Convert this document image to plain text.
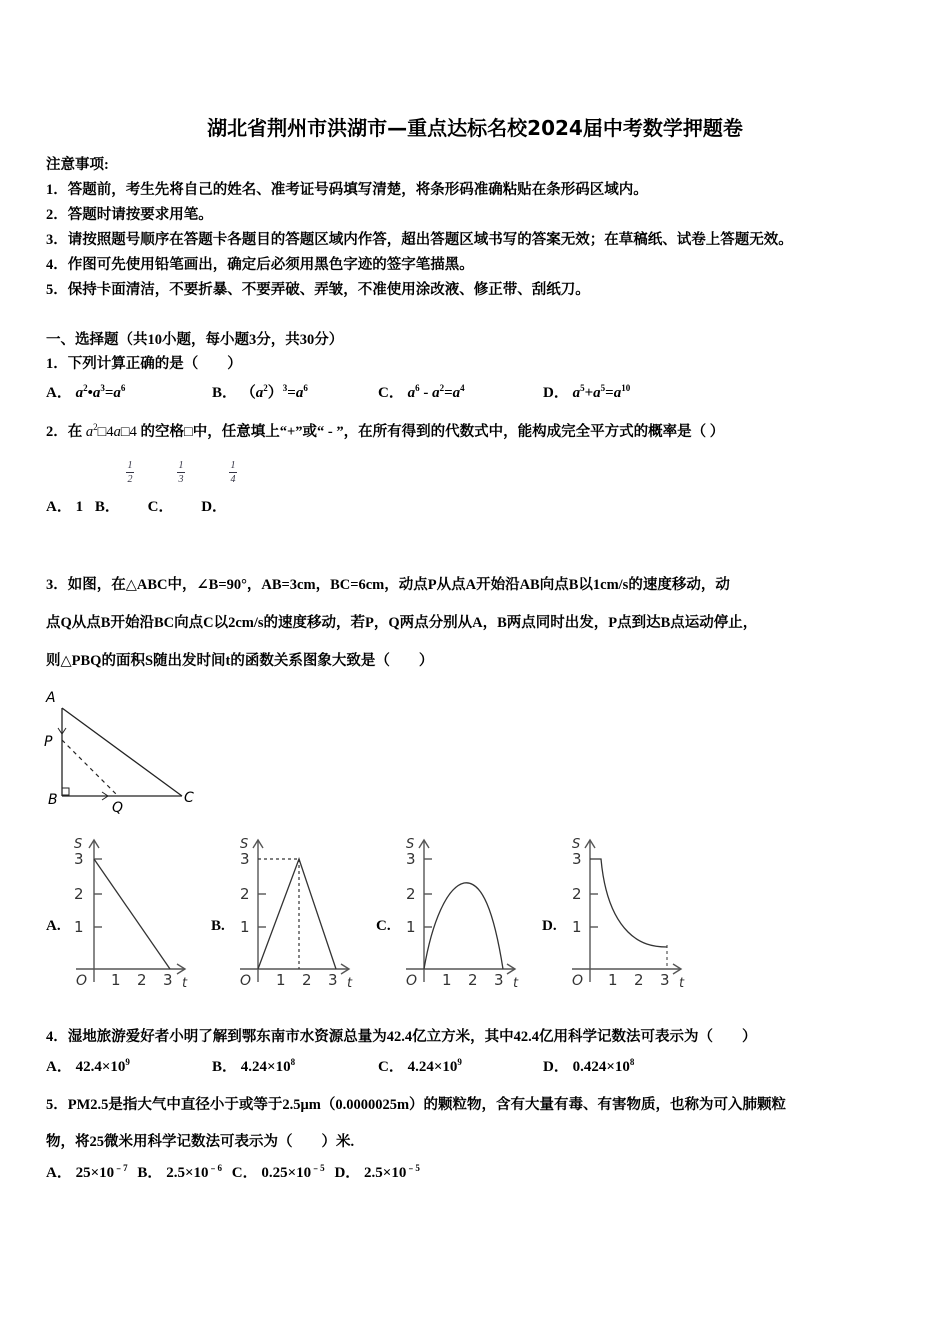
湖北省荆州市洪湖市—重点达标名校2024届中考数学押题卷
注意事项:
1．答题前，考生先将自己的姓名、准考证号码填写清楚，将条形码准确粘贴在条形码区域内。
2．答题时请按要求用笔。
3．请按照题号顺序在答题卡各题目的答题区域内作答，超出答题区域书写的答案无效；在草稿纸、试卷上答题无效。
4．作图可先使用铅笔画出，确定后必须用黑色字迹的签字笔描黑。
5．保持卡面清洁，不要折暴、不要弄破、弄皱，不准使用涂改液、修正带、刮纸刀。
一、选择题（共10小题，每小题3分，共30分）
1．下列计算正确的是（　　）
A． $a^2•a^3=a^6$	B． $(a^2)^3=a^6$	C． $a^6 - a^2=a^4$	D． $a^5+a^5=a^{10}$
2．在 $a^2□4a□4$ 的空格□中，任意填上“+”或“ - ”，在所有得到的代数式中，能构成完全平方式的概率是（ ）
1
2
1
3
1
4
A． 1 B． C． D．
3．如图，在△ABC中，∠B=90°，AB=3cm，BC=6cm，动点P从点A开始沿AB向点B以1cm/s的速度移动，动
点Q从点B开始沿BC向点C以2cm/s的速度移动，若P，Q两点分别从A，B两点同时出发，P点到达B点运动停止，
则△PBQ的面积S随出发时间t的函数关系图象大致是（　　）
A
P
B	Q
C
A.
S
3
2
1
O 1 2 3 t
B.
S
3
2
1
O 1 2 3 t
C.
S
3
2
1
O 1 2 3 t
D.
S
3
2
1
O 1 2 3 t
4．湿地旅游爱好者小明了解到鄂东南市水资源总量为42.4亿立方米，其中42.4亿用科学记数法可表示为（　　）
A． $42.4\times 10^9$	B． $4.24\times 10^8$	C． $4.24\times 10^9$	D． $0.424\times 10^8$
5．PM2.5是指大气中直径小于或等于2.5μm（0.0000025m）的颗粒物，含有大量有毒、有害物质，也称为可入肺颗粒
物，将25微米用科学记数法可表示为（　　）米.
A． $25\times 10^{﹣7}$ B． $2.5\times 10^{﹣6}$ C． $0.25\times 10^{﹣5}$ D． $2.5\times 10^{﹣5}$
